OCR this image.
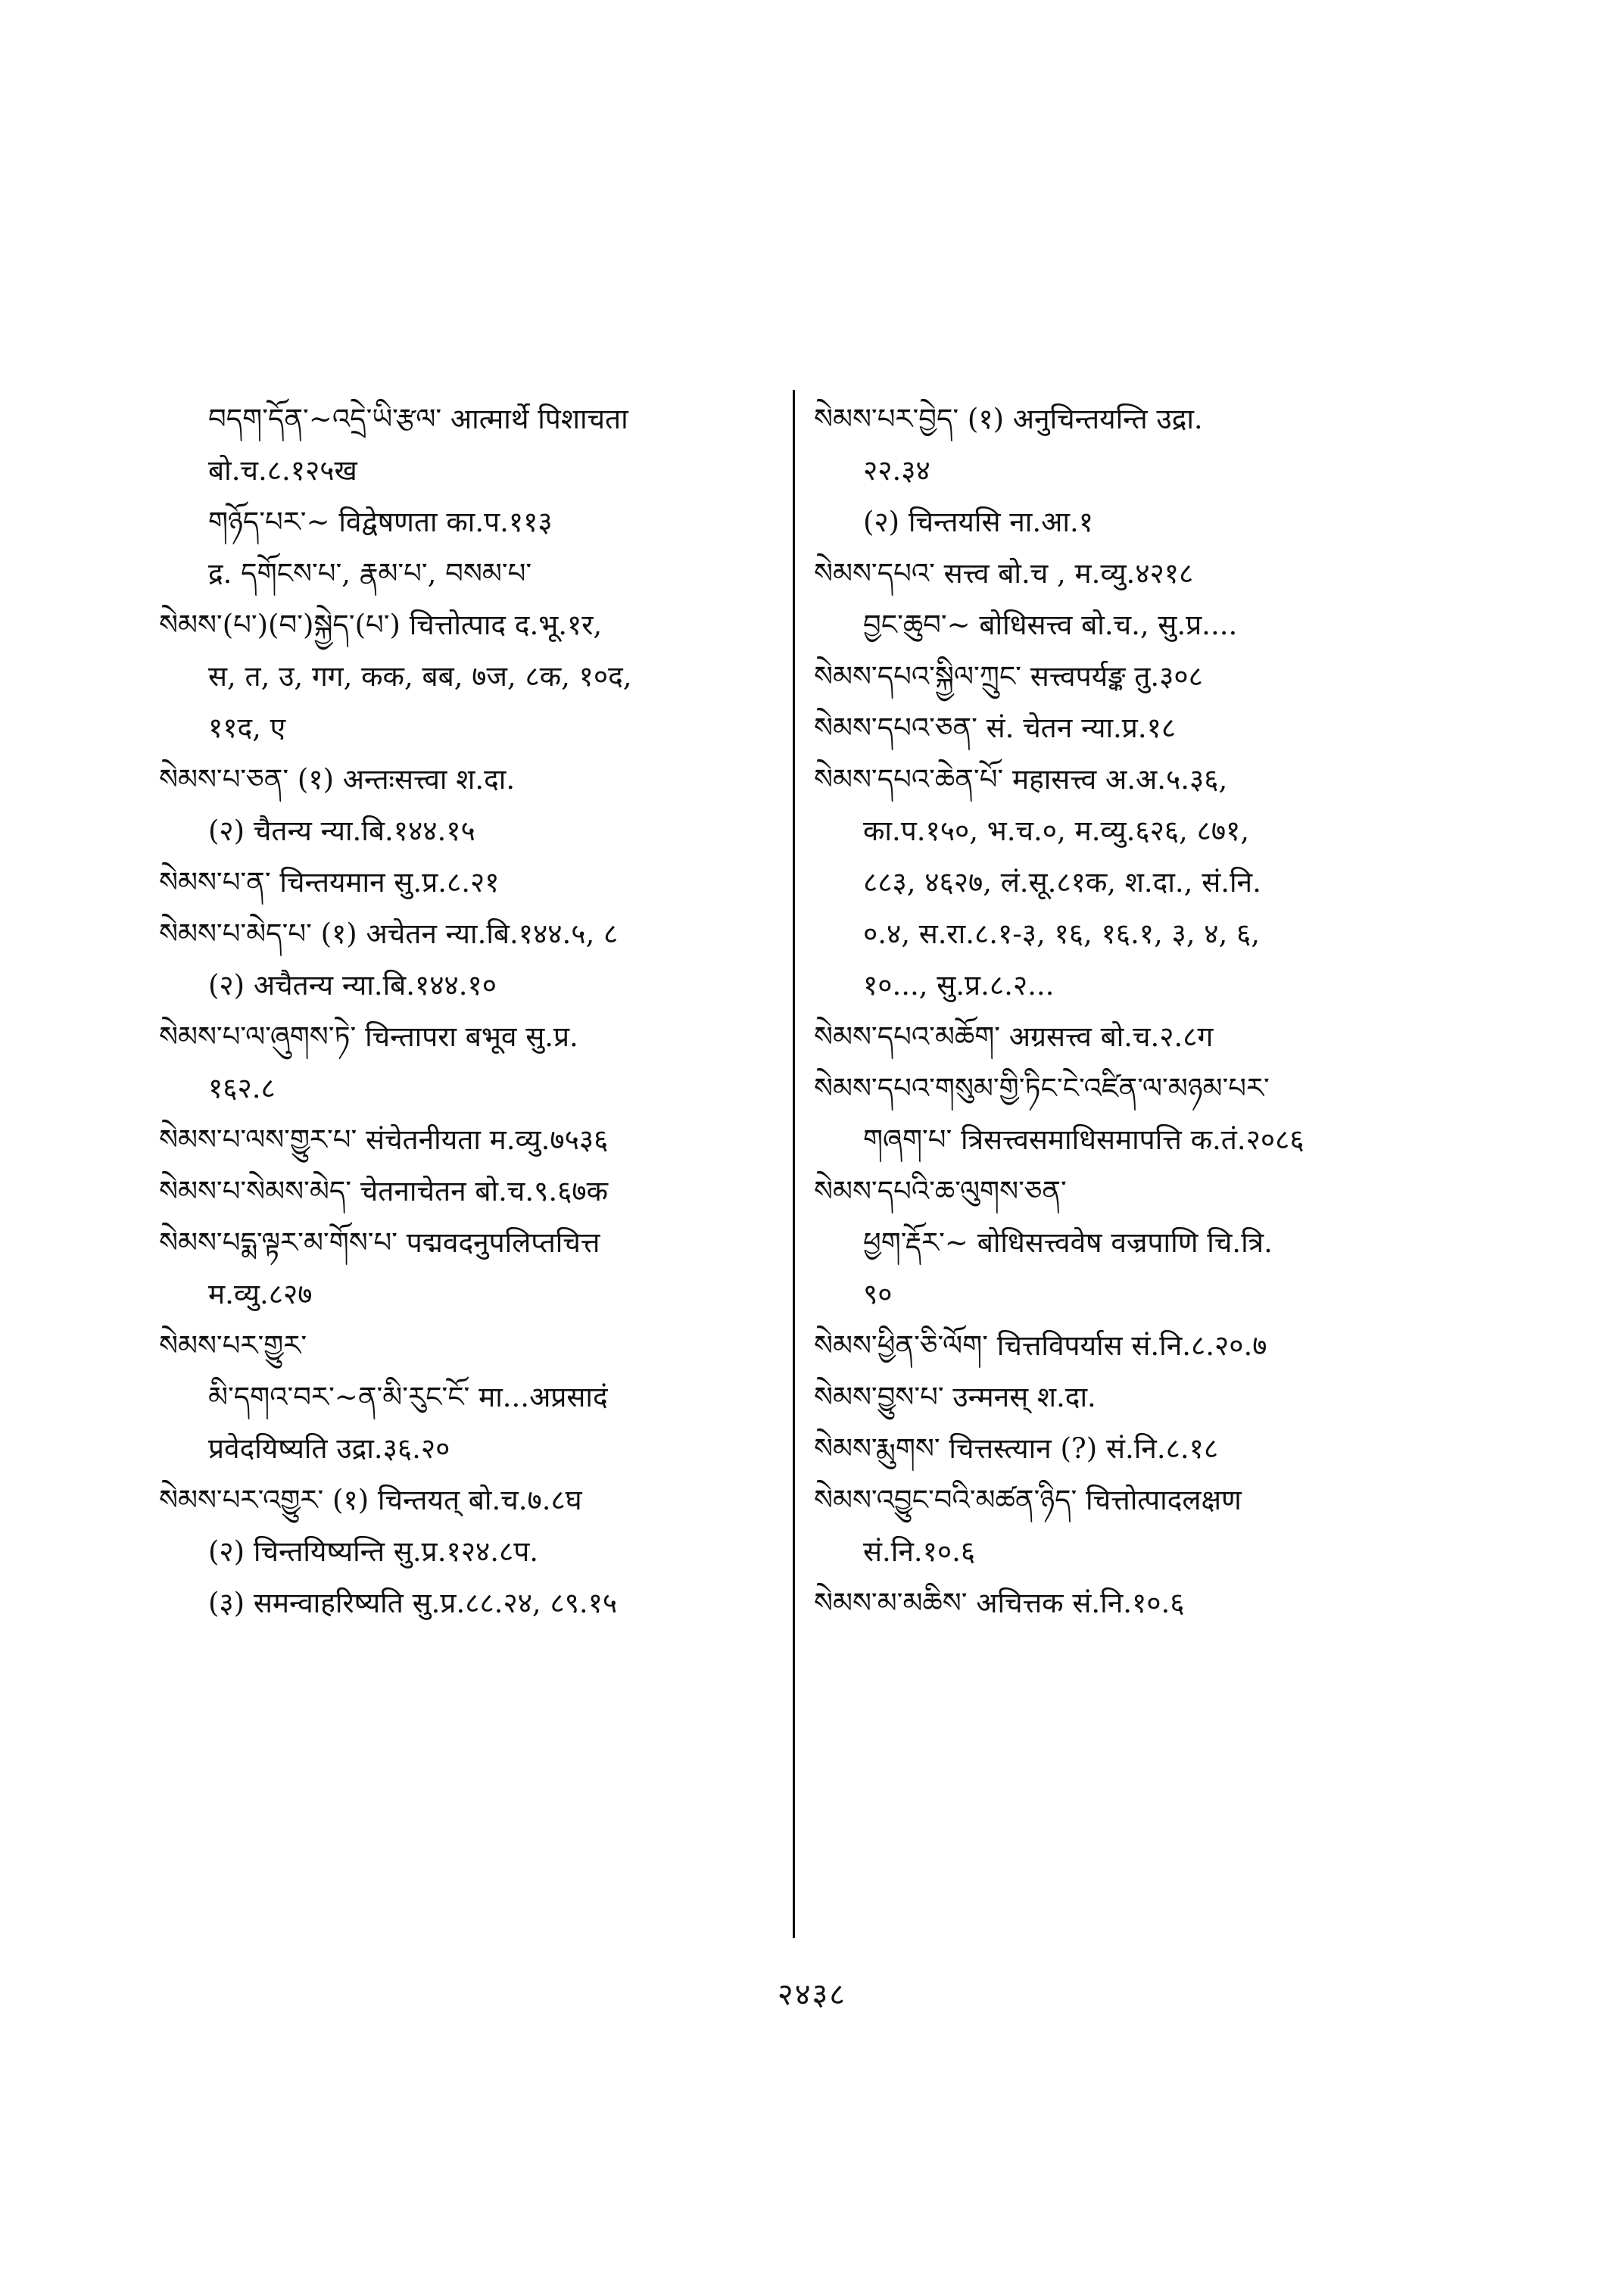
བདག་དོན་~འདྲེ་ཡི་རྩལ་ आत्मार्थे पिशाचता
बो.च.८.१२५ख
གཉོད་པར་~ विद्वेषणता का.प.११३
द्र. དགོངས་པ་, རྣམ་པ་, བསམ་པ་
སེམས་(པ་)(བ་)སྐྱེད་(པ་) चित्तोत्पाद द.भू.१र,
स, त, उ, गग, कक, बब, ७ज, ८क, १०द,
११द, ए
སེམས་པ་ཅན་ (१) अन्तःसत्त्वा श.दा.
(२) चैतन्य न्या.बि.१४४.१५
སེམས་པ་ན་ चिन्तयमान सु.प्र.८.२१
སེམས་པ་མེད་པ་ (१) अचेतन न्या.बि.१४४.५, ८
(२) अचैतन्य न्या.बि.१४४.१०
སེམས་པ་ལ་ཞུགས་ཏེ་ चिन्तापरा बभूव सु.प्र.
१६२.८
སེམས་པ་ལས་གྱུར་པ་ संचेतनीयता म.व्यु.७५३६
སེམས་པ་སེམས་མེད་ चेतनाचेतन बो.च.९.६७क
སེམས་པདྨ་ལྟར་མ་གོས་པ་ पद्मवदनुपलिप्तचित्त
म.व्यु.८२७
སེམས་པར་གྱུར་
མི་དགའ་བར་~ན་མི་རུང་ངོ་ मा...अप्रसादं
प्रवेदयिष्यति उद्रा.३६.२०
སེམས་པར་འགྱུར་ (१) चिन्तयत् बो.च.७.८घ
(२) चिन्तयिष्यन्ति सु.प्र.१२४.८प.
(३) समन्वाहरिष्यति सु.प्र.८८.२४, ८९.१५
སེམས་པར་བྱེད་ (१) अनुचिन्तयन्ति उद्रा.
२२.३४
(२) चिन्तयसि ना.आ.१
སེམས་དཔའ་ सत्त्व बो.च , म.व्यु.४२१८
བྱང་ཆུབ་~ बोधिसत्त्व बो.च., सु.प्र....
སེམས་དཔའ་སྐྱིལ་ཀྲུང་ सत्त्वपर्यङ्क तु.३०८
སེམས་དཔའ་ཅན་ सं. चेतन न्या.प्र.१८
སེམས་དཔའ་ཆེན་པོ་ महासत्त्व अ.अ.५.३६,
का.प.१५०, भ.च.०, म.व्यु.६२६, ८७१,
८८३, ४६२७, लं.सू.८१क, श.दा., सं.नि.
०.४, स.रा.८.१-३, १६, १६.१, ३, ४, ६,
१०..., सु.प्र.८.२...
སེམས་དཔའ་མཆོག་ अग्रसत्त्व बो.च.२.८ग
སེམས་དཔའ་གསུམ་གྱི་ཏིང་ངེ་འཛིན་ལ་མཉམ་པར་
གཞག་པ་ त्रिसत्त्वसमाधिसमापत्ति क.तं.२०८६
སེམས་དཔའི་ཆ་ལུགས་ཅན་
ཕྱག་རྡོར་~ बोधिसत्त्ववेष वज्रपाणि चि.त्रि.
९०
སེམས་ཕྱིན་ཅི་ལོག་ चित्तविपर्यास सं.नि.८.२०.७
སེམས་བྱུས་པ་ उन्मनस् श.दा.
སེམས་རྨུགས་ चित्तस्त्यान (?) सं.नि.८.१८
སེམས་འབྱུང་བའི་མཚན་ཉིད་ चित्तोत्पादलक्षण
सं.नि.१०.६
སེམས་མ་མཆིས་ अचित्तक सं.नि.१०.६
२४३८
